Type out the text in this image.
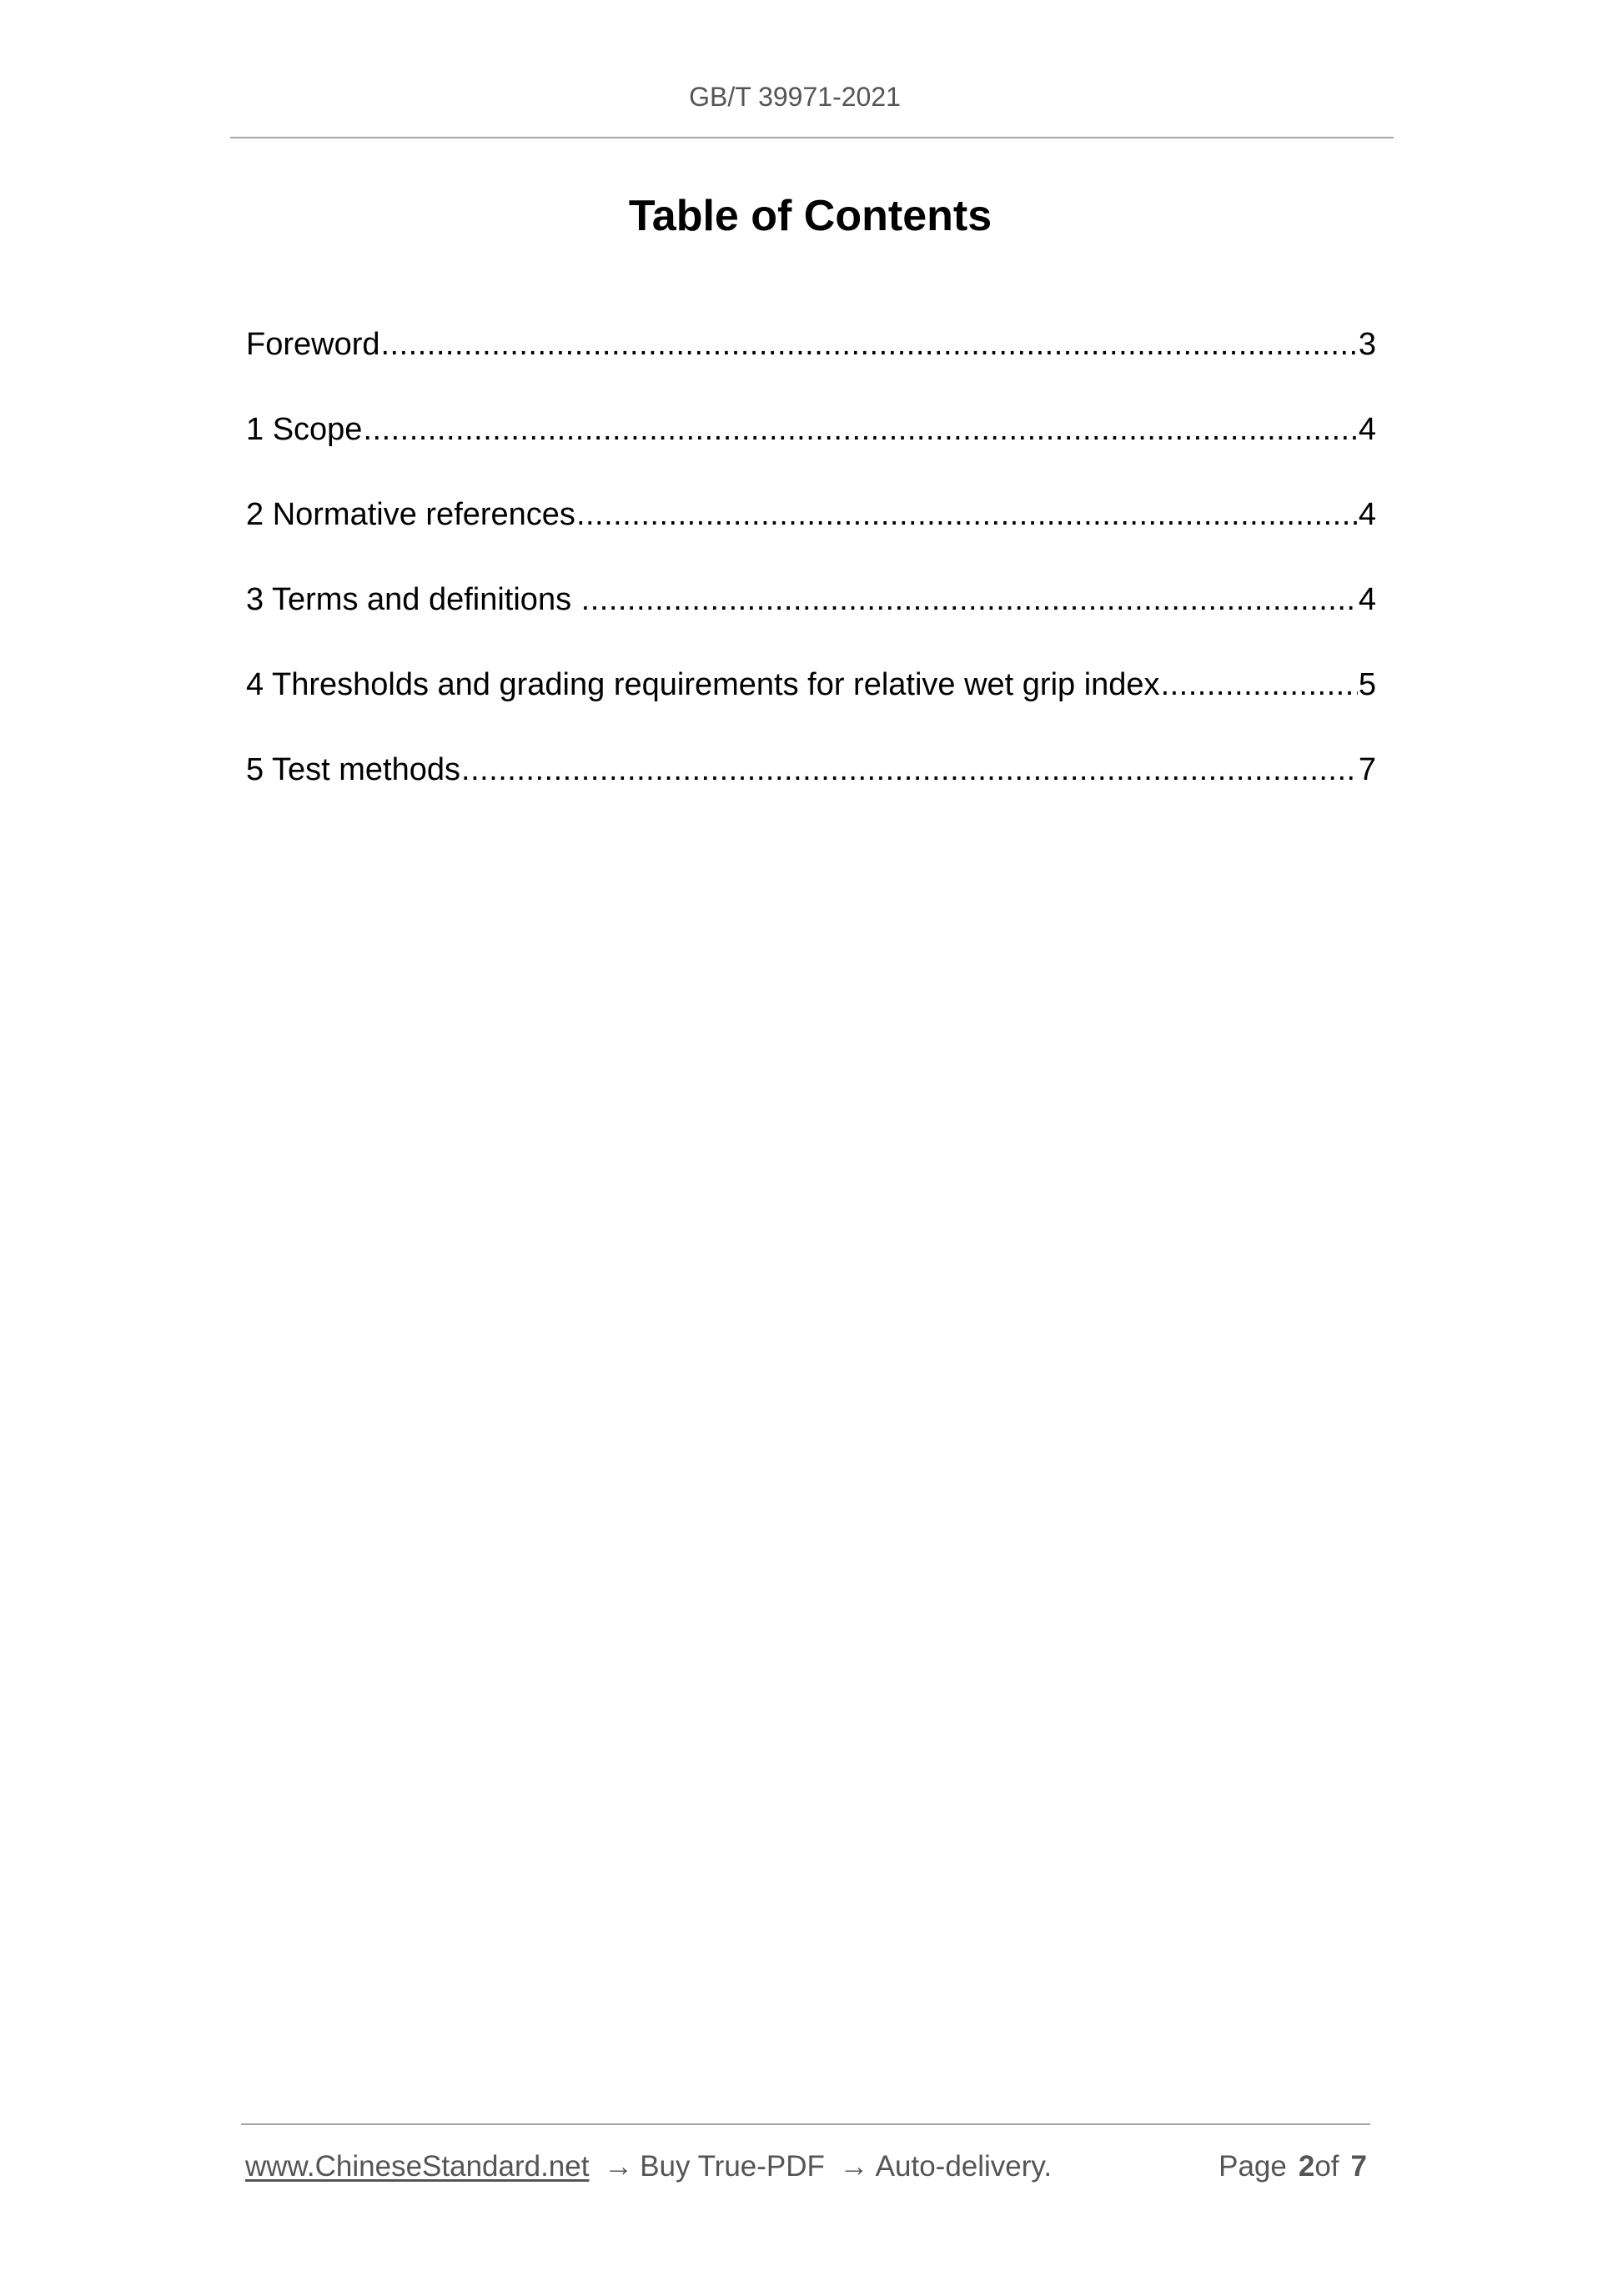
GB/T 39971-2021
Table of Contents
Foreword .....	3
1 Scope .....	4
2 Normative references .....	4
3 Terms and definitions .....	4
4 Thresholds and grading requirements for relative wet grip index .....	5
5 Test methods .....	7
www.ChineseStandard.net → Buy True-PDF → Auto-delivery.	Page 2of 7
